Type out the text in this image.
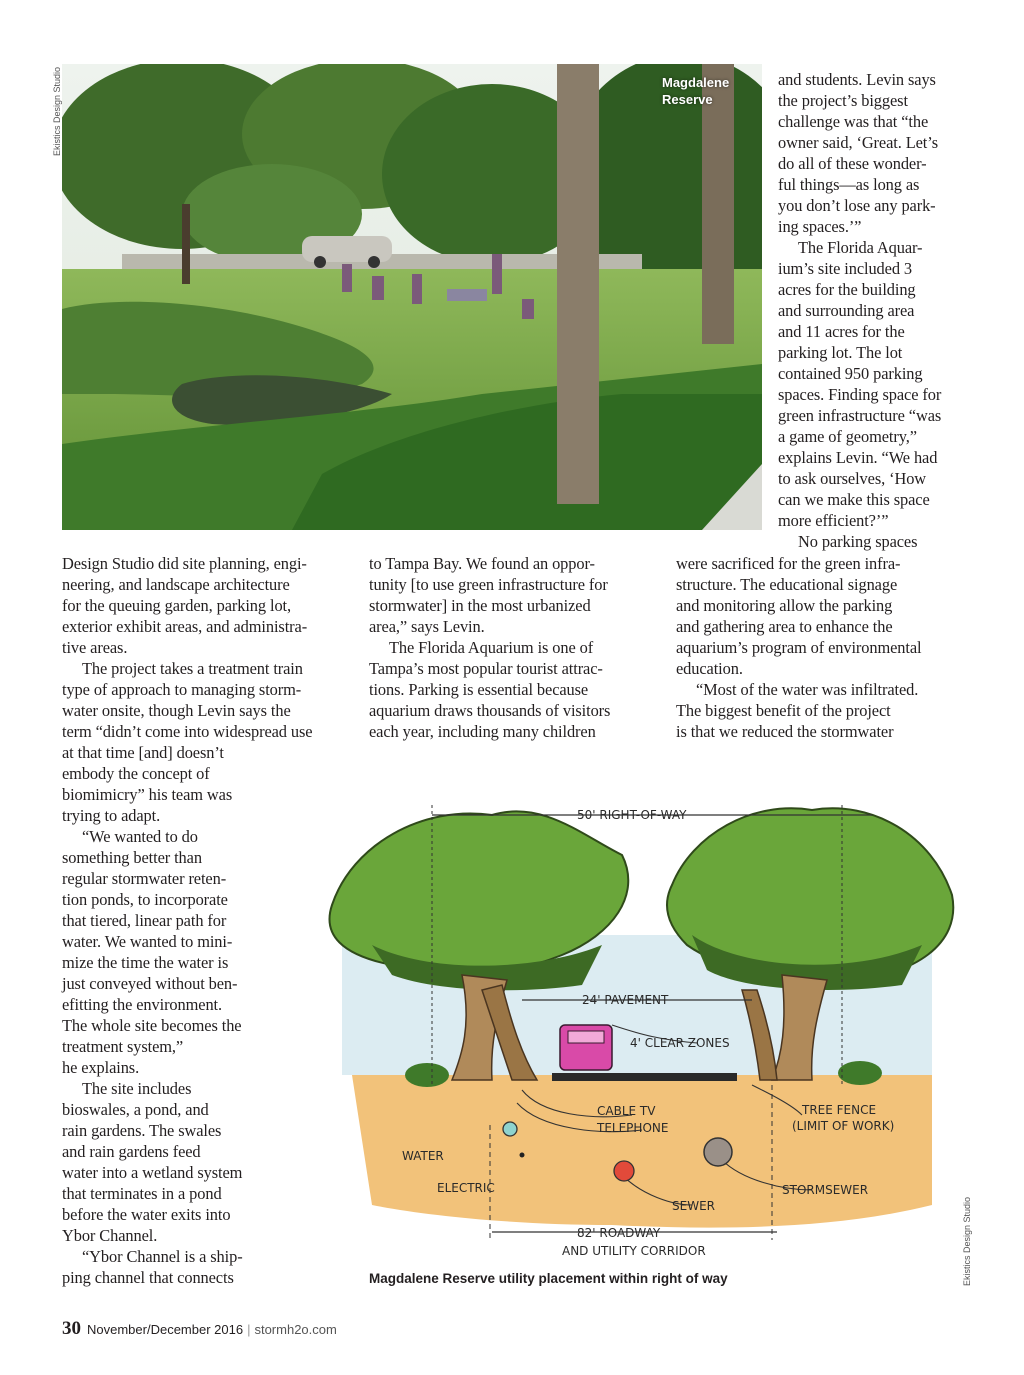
Ekistics Design Studio	Magdalene Reserve
and students. Levin says
the project’s biggest
challenge was that “the
owner said, ‘Great. Let’s
do all of these wonder-
ful things—as long as
you don’t lose any park-
ing spaces.’”
The Florida Aquar-
ium’s site included 3
acres for the building
and surrounding area
and 11 acres for the
parking lot. The lot
contained 950 parking
spaces. Finding space for
green infrastructure “was
a game of geometry,”
explains Levin. “We had
to ask ourselves, ‘How
can we make this space
more efficient?’”
No parking spaces
Design Studio did site planning, engi-
neering, and landscape architecture
for the queuing garden, parking lot,
exterior exhibit areas, and administra-
tive areas.
The project takes a treatment train
type of approach to managing storm-
water onsite, though Levin says the
term “didn’t come into widespread use
at that time [and] doesn’t
embody the concept of
biomimicry” his team was
trying to adapt.
“We wanted to do
something better than
regular stormwater reten-
tion ponds, to incorporate
that tiered, linear path for
water. We wanted to mini-
mize the time the water is
just conveyed without ben-
efitting the environment.
The whole site becomes the
treatment system,”
he explains.
The site includes
bioswales, a pond, and
rain gardens. The swales
and rain gardens feed
water into a wetland system
that terminates in a pond
before the water exits into
Ybor Channel.
“Ybor Channel is a ship-
ping channel that connects
to Tampa Bay. We found an oppor-
tunity [to use green infrastructure for
stormwater] in the most urbanized
area,” says Levin.
The Florida Aquarium is one of
Tampa’s most popular tourist attrac-
tions. Parking is essential because
aquarium draws thousands of visitors
each year, including many children
were sacrificed for the green infra-
structure. The educational signage
and monitoring allow the parking
and gathering area to enhance the
aquarium’s program of environmental
education.
“Most of the water was infiltrated.
The biggest benefit of the project
is that we reduced the stormwater
50' RIGHT-OF-WAY
24' PAVEMENT
4' CLEAR ZONES
CABLE TV
TELEPHONE
TREE FENCE
(LIMIT OF WORK)
WATER
ELECTRIC
SEWER
STORMSEWER
82' ROADWAY
AND UTILITY CORRIDOR
Magdalene Reserve utility placement within right of way	Ekistics Design Studio
30 November/December 2016 | stormh2o.com
